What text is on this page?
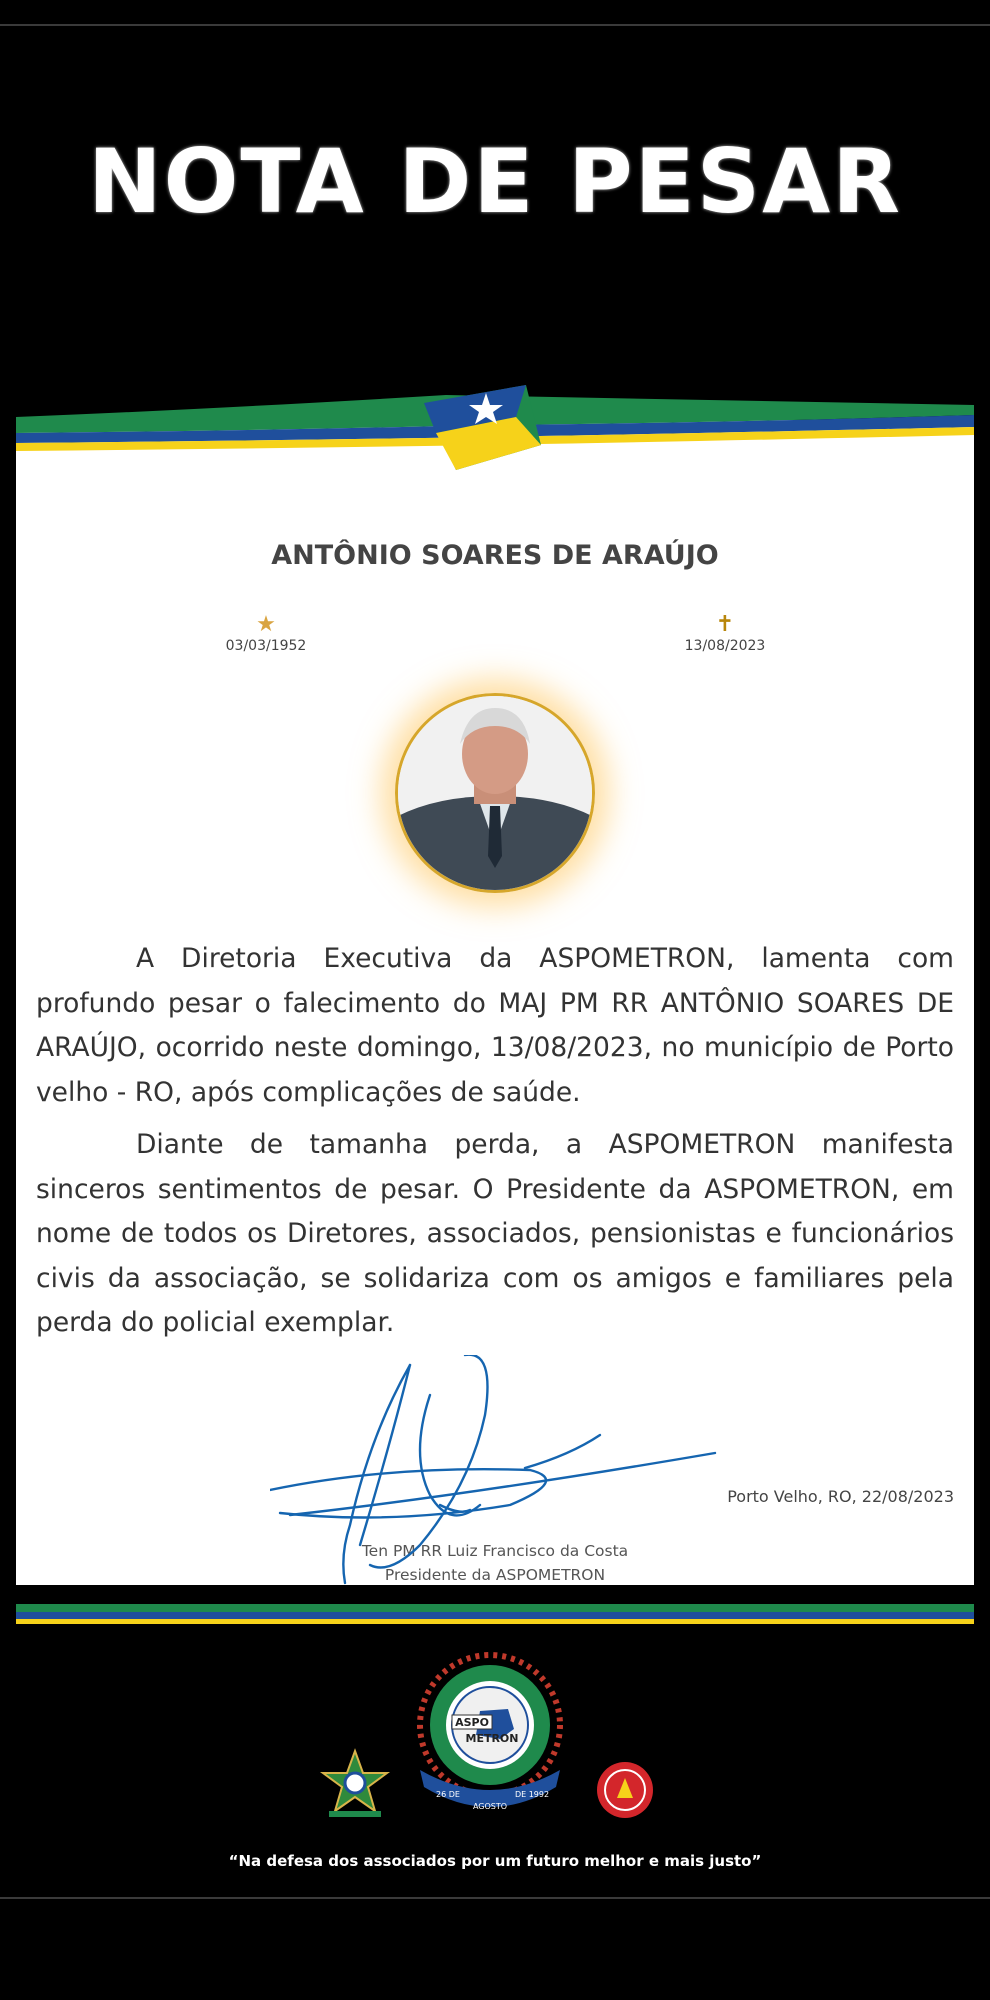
NOTA DE PESAR
ANTÔNIO SOARES DE ARAÚJO
★
03/03/1952
✝
13/08/2023

A Diretoria Executiva da ASPOMETRON, lamenta com profundo pesar o falecimento do MAJ PM RR ANTÔNIO SOARES DE ARAÚJO, ocorrido neste domingo, 13/08/2023, no município de Porto velho - RO, após complicações de saúde.

Diante de tamanha perda, a ASPOMETRON manifesta sinceros sentimentos de pesar. O Presidente da ASPOMETRON, em nome de todos os Diretores, associados, pensionistas e funcionários civis da associação, se solidariza com os amigos e familiares pela perda do policial exemplar.

Porto Velho, RO, 22/08/2023
Ten PM RR Luiz Francisco da Costa
Presidente da ASPOMETRON
ASPO
METRON
26 DE
AGOSTO
DE 1992
“Na defesa dos associados por um futuro melhor e mais justo”
